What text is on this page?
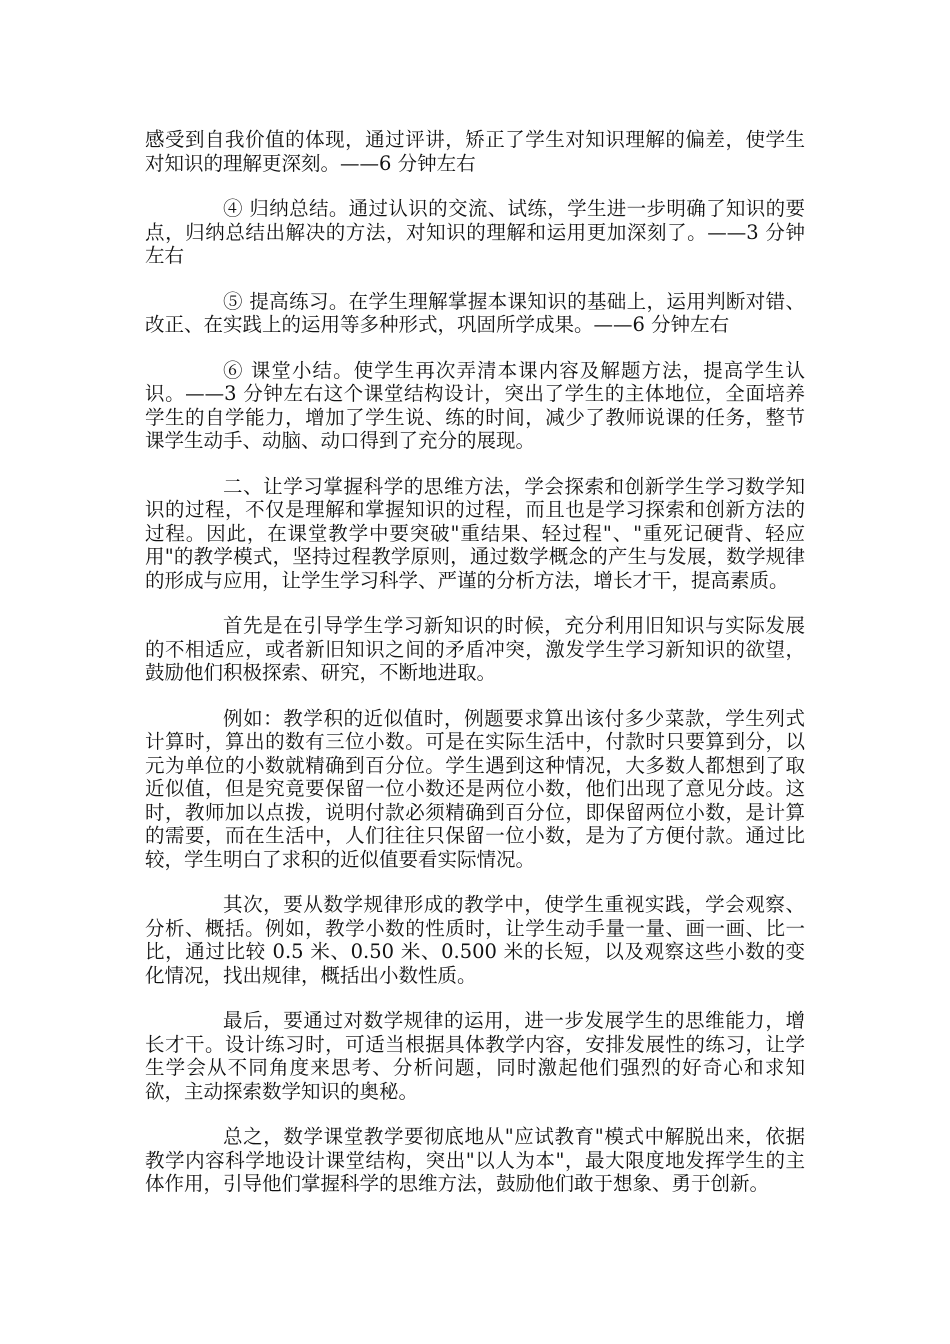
感受到自我价值的体现，通过评讲，矫正了学生对知识理解的偏差，使学生对知识的理解更深刻。——6 分钟左右

④ 归纳总结。通过认识的交流、试练，学生进一步明确了知识的要点，归纳总结出解决的方法，对知识的理解和运用更加深刻了。——3 分钟左右

⑤ 提高练习。在学生理解掌握本课知识的基础上，运用判断对错、改正、在实践上的运用等多种形式，巩固所学成果。——6 分钟左右

⑥ 课堂小结。使学生再次弄清本课内容及解题方法，提高学生认识。——3 分钟左右这个课堂结构设计，突出了学生的主体地位，全面培养学生的自学能力，增加了学生说、练的时间，减少了教师说课的任务，整节课学生动手、动脑、动口得到了充分的展现。

二、让学习掌握科学的思维方法，学会探索和创新学生学习数学知识的过程，不仅是理解和掌握知识的过程，而且也是学习探索和创新方法的过程。因此，在课堂教学中要突破"重结果、轻过程"、"重死记硬背、轻应用"的教学模式，坚持过程教学原则，通过数学概念的产生与发展，数学规律的形成与应用，让学生学习科学、严谨的分析方法，增长才干，提高素质。

首先是在引导学生学习新知识的时候，充分利用旧知识与实际发展的不相适应，或者新旧知识之间的矛盾冲突，激发学生学习新知识的欲望，鼓励他们积极探索、研究，不断地进取。

例如：教学积的近似值时，例题要求算出该付多少菜款，学生列式计算时，算出的数有三位小数。可是在实际生活中，付款时只要算到分，以元为单位的小数就精确到百分位。学生遇到这种情况，大多数人都想到了取近似值，但是究竟要保留一位小数还是两位小数，他们出现了意见分歧。这时，教师加以点拨，说明付款必须精确到百分位，即保留两位小数，是计算的需要，而在生活中，人们往往只保留一位小数，是为了方便付款。通过比较，学生明白了求积的近似值要看实际情况。

其次，要从数学规律形成的教学中，使学生重视实践，学会观察、分析、概括。例如，教学小数的性质时，让学生动手量一量、画一画、比一比，通过比较 0.5 米、0.50 米、0.500 米的长短，以及观察这些小数的变化情况，找出规律，概括出小数性质。

最后，要通过对数学规律的运用，进一步发展学生的思维能力，增长才干。设计练习时，可适当根据具体教学内容，安排发展性的练习，让学生学会从不同角度来思考、分析问题，同时激起他们强烈的好奇心和求知欲，主动探索数学知识的奥秘。

总之，数学课堂教学要彻底地从"应试教育"模式中解脱出来，依据教学内容科学地设计课堂结构，突出"以人为本"，最大限度地发挥学生的主体作用，引导他们掌握科学的思维方法，鼓励他们敢于想象、勇于创新。
